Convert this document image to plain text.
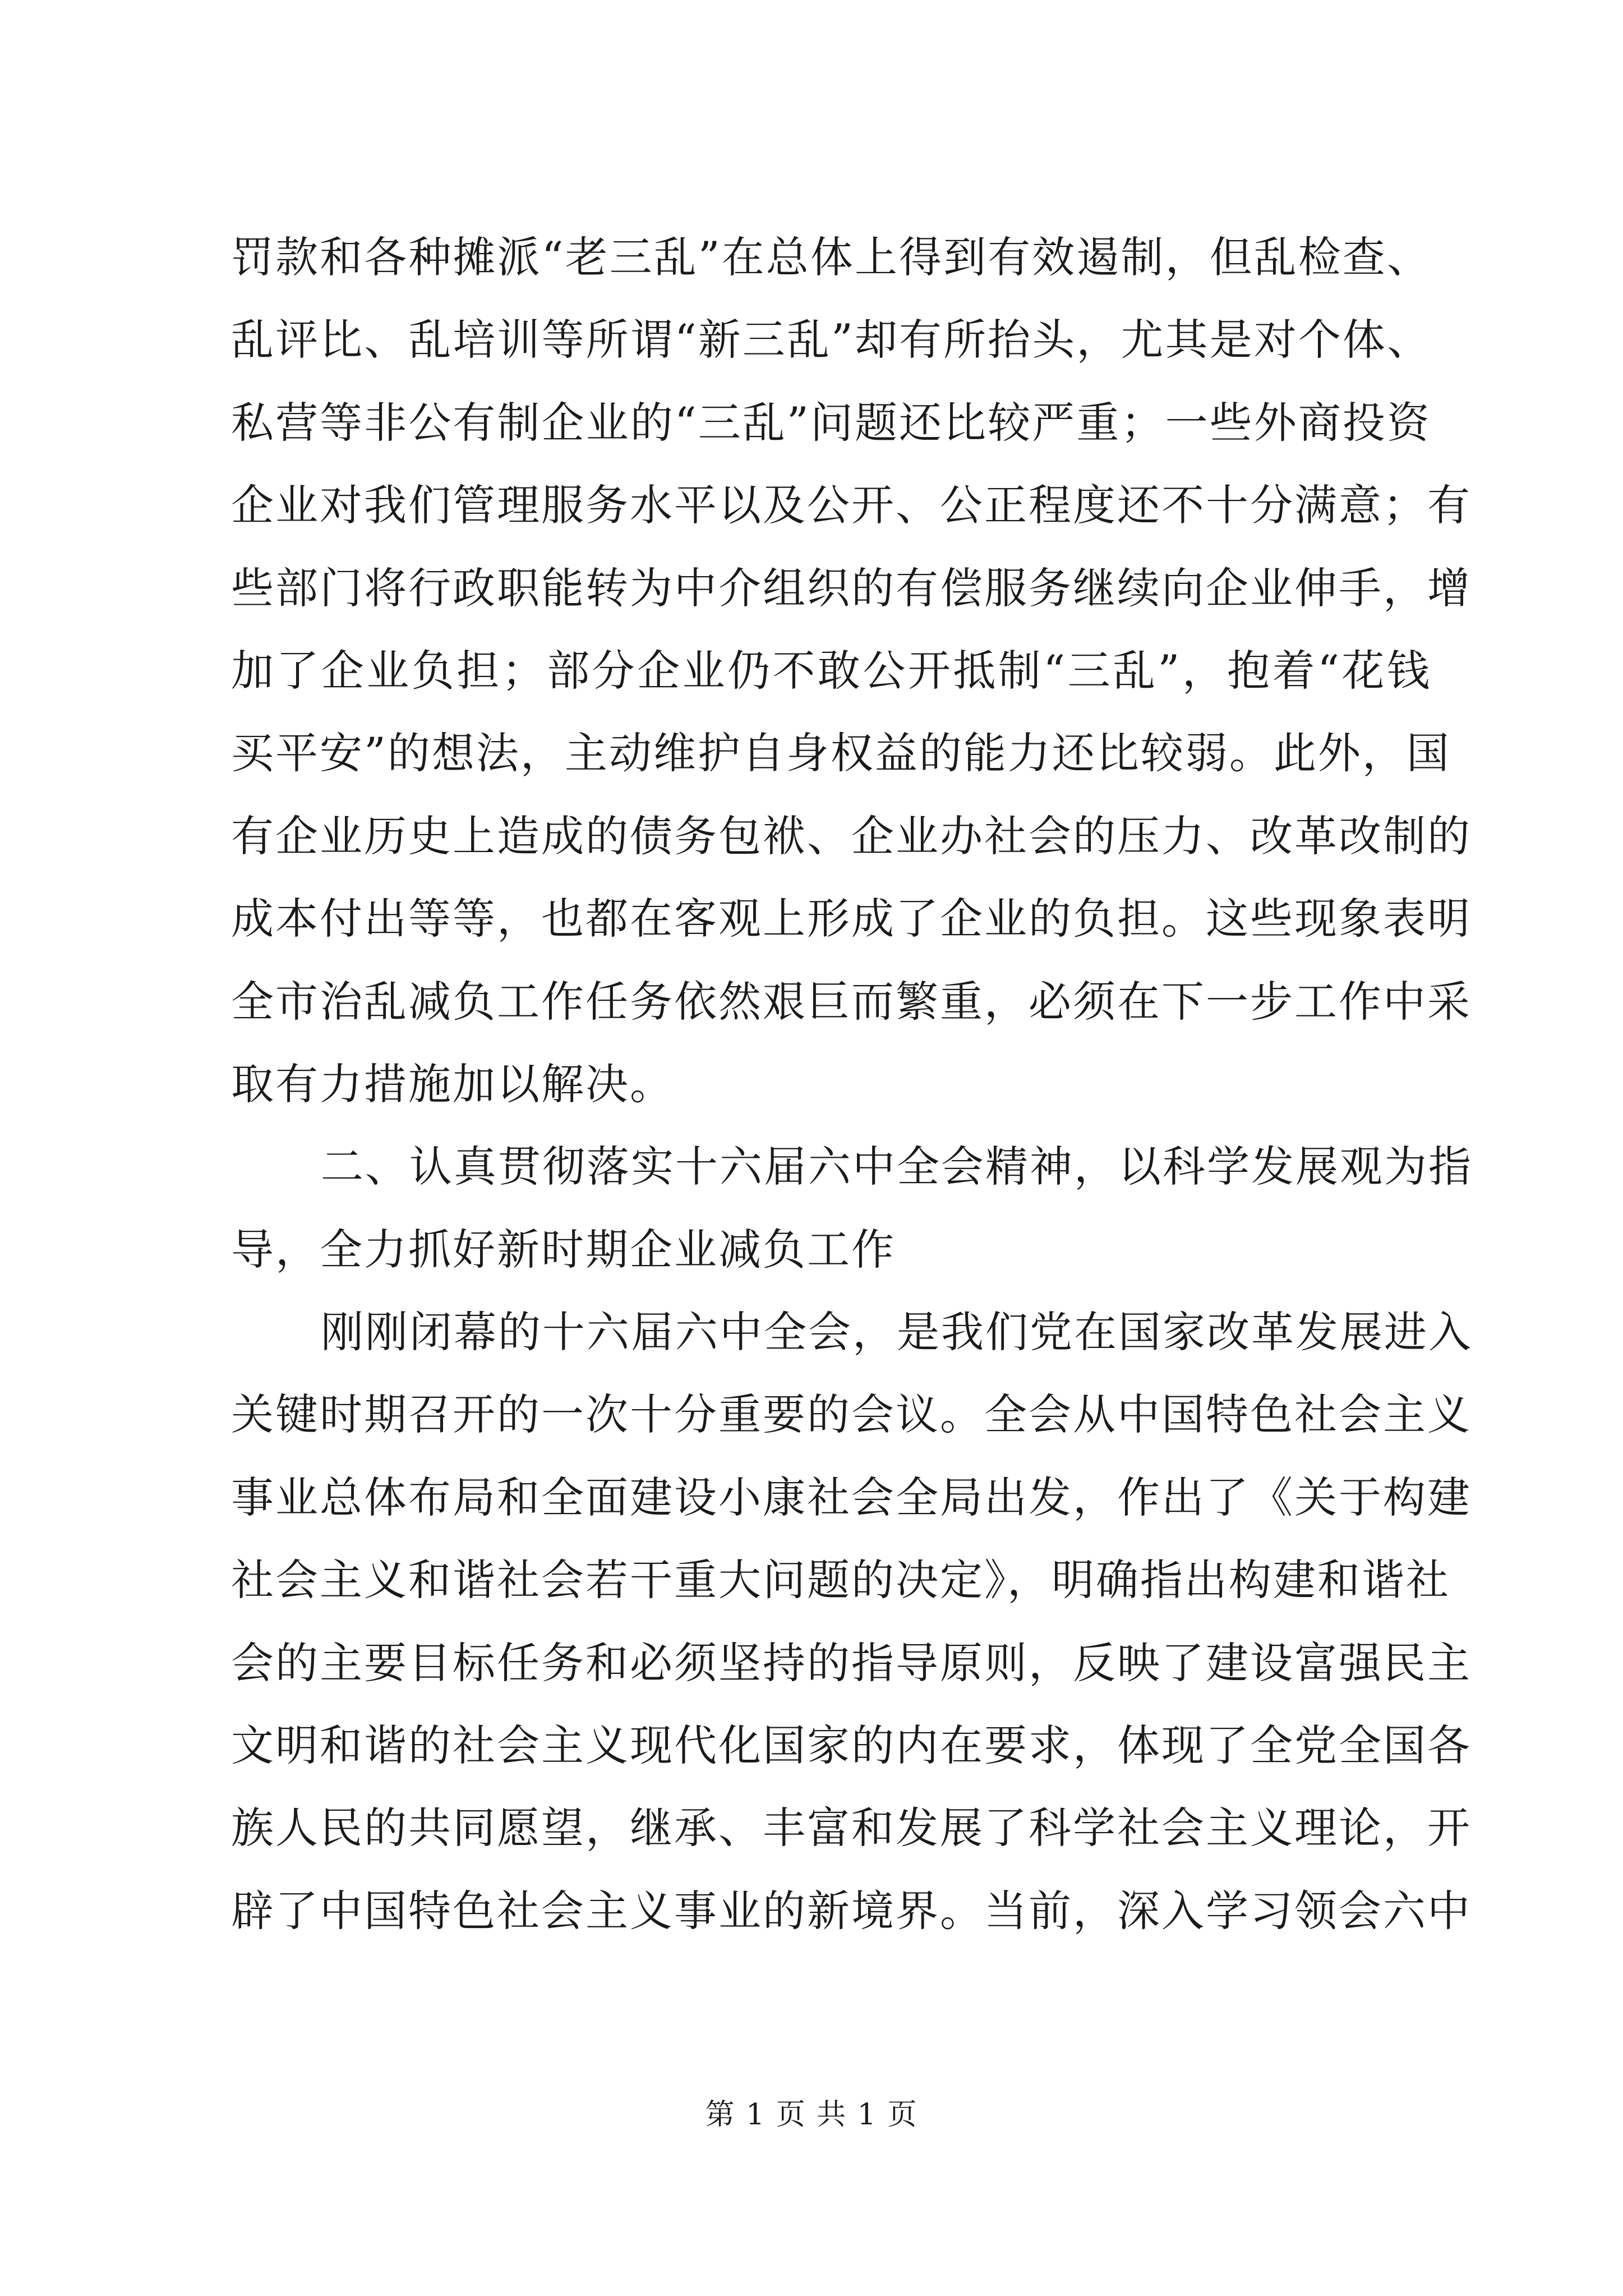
罚款和各种摊派“老三乱”在总体上得到有效遏制，但乱检查、
乱评比、乱培训等所谓“新三乱”却有所抬头，尤其是对个体、
私营等非公有制企业的“三乱”问题还比较严重；一些外商投资
企业对我们管理服务水平以及公开、公正程度还不十分满意；有
些部门将行政职能转为中介组织的有偿服务继续向企业伸手，增
加了企业负担；部分企业仍不敢公开抵制“三乱”，抱着“花钱
买平安”的想法，主动维护自身权益的能力还比较弱。此外，国
有企业历史上造成的债务包袱、企业办社会的压力、改革改制的
成本付出等等，也都在客观上形成了企业的负担。这些现象表明
全市治乱减负工作任务依然艰巨而繁重，必须在下一步工作中采
取有力措施加以解决。
二、认真贯彻落实十六届六中全会精神，以科学发展观为指
导，全力抓好新时期企业减负工作
刚刚闭幕的十六届六中全会，是我们党在国家改革发展进入
关键时期召开的一次十分重要的会议。全会从中国特色社会主义
事业总体布局和全面建设小康社会全局出发，作出了《关于构建
社会主义和谐社会若干重大问题的决定》，明确指出构建和谐社
会的主要目标任务和必须坚持的指导原则，反映了建设富强民主
文明和谐的社会主义现代化国家的内在要求，体现了全党全国各
族人民的共同愿望，继承、丰富和发展了科学社会主义理论，开
辟了中国特色社会主义事业的新境界。当前，深入学习领会六中
第 1 页 共 1 页
